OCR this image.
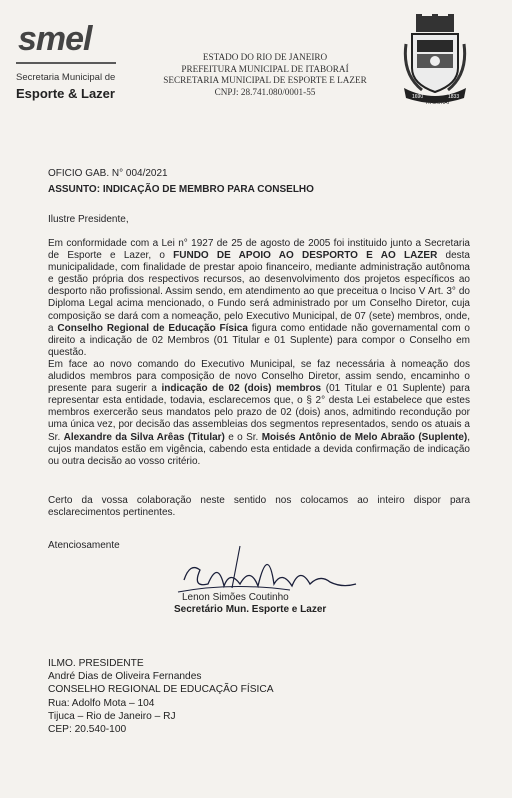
smel
Secretaria Municipal de
Esporte & Lazer
ESTADO DO RIO DE JANEIRO
PREFEITURA MUNICIPAL DE ITABORAÍ
SECRETARIA MUNICIPAL DE ESPORTE E LAZER
CNPJ: 28.741.080/0001-55
1690	1833
ITABORAÍ
OFICIO GAB. N° 004/2021
ASSUNTO: INDICAÇÃO DE MEMBRO PARA CONSELHO
Ilustre Presidente,
Em conformidade com a Lei n° 1927 de 25 de agosto de 2005 foi instituido junto a Secretaria de Esporte e Lazer, o FUNDO DE APOIO AO DESPORTO E AO LAZER desta municipalidade, com finalidade de prestar apoio financeiro, mediante administração autônoma e gestão própria dos respectivos recursos, ao desenvolvimento dos projetos específicos ao desporto não profissional. Assim sendo, em atendimento ao que preceitua o Inciso V Art. 3° do Diploma Legal acima mencionado, o Fundo será administrado por um Conselho Diretor, cuja composição se dará com a nomeação, pelo Executivo Municipal, de 07 (sete) membros, onde, a Conselho Regional de Educação Física figura como entidade não governamental com o direito a indicação de 02 Membros (01 Titular e 01 Suplente) para compor o Conselho em questão.
Em face ao novo comando do Executivo Municipal, se faz necessária à nomeação dos aludidos membros para composição de novo Conselho Diretor, assim sendo, encaminho o presente para sugerir a indicação de 02 (dois) membros (01 Titular e 01 Suplente) para representar esta entidade, todavia, esclarecemos que, o § 2° desta Lei estabelece que estes membros exercerão seus mandatos pelo prazo de 02 (dois) anos, admitindo recondução por uma única vez, por decisão das assembleias dos segmentos representados, sendo os atuais a Sr. Alexandre da Silva Arêas (Titular) e o Sr. Moisés Antônio de Melo Abraão (Suplente), cujos mandatos estão em vigência, cabendo esta entidade a devida confirmação de indicação ou outra decisão ao vosso critério.
Certo da vossa colaboração neste sentido nos colocamos ao inteiro dispor para esclarecimentos pertinentes.
Atenciosamente
Lenon Simões Coutinho
Secretário Mun. Esporte e Lazer
ILMO. PRESIDENTE
André Dias de Oliveira Fernandes
CONSELHO REGIONAL DE EDUCAÇÃO FÍSICA
Rua: Adolfo Mota – 104
Tijuca – Rio de Janeiro – RJ
CEP: 20.540-100
